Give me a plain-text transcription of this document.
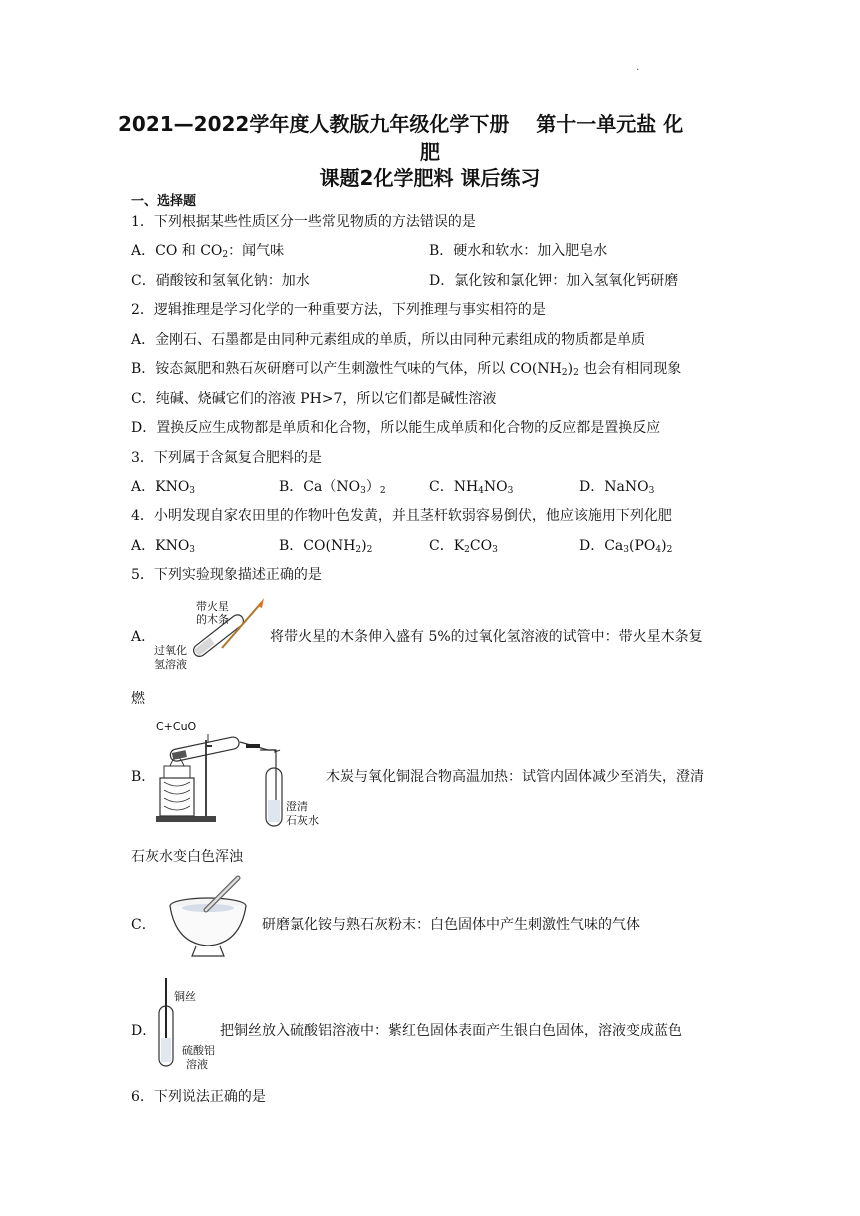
.
2021—2022学年度人教版九年级化学下册　 第十一单元盐 化
肥
课题2化学肥料 课后练习
一、选择题
1．下列根据某些性质区分一些常见物质的方法错误的是
A．CO 和 $CO_2$：闻气味	B．硬水和软水：加入肥皂水
C．硝酸铵和氢氧化钠：加水	D．氯化铵和氯化钾：加入氢氧化钙研磨
2．逻辑推理是学习化学的一种重要方法，下列推理与事实相符的是
A．金刚石、石墨都是由同种元素组成的单质，所以由同种元素组成的物质都是单质
B．铵态氮肥和熟石灰研磨可以产生刺激性气味的气体，所以 $CO(NH_2)_2$ 也会有相同现象
C．纯碱、烧碱它们的溶液 PH>7，所以它们都是碱性溶液
D．置换反应生成物都是单质和化合物，所以能生成单质和化合物的反应都是置换反应
3．下列属于含氮复合肥料的是
A．$KNO_3$	B．$Ca(NO_3)_2$	C．$NH_4NO_3$	D．NaNO$_3$
4．小明发现自家农田里的作物叶色发黄，并且茎杆软弱容易倒伏，他应该施用下列化肥
A．$KNO_3$	B．$CO(NH_2)_2$	C．$K_2CO_3$	D．$Ca_3(PO_4)_2$
5．下列实验现象描述正确的是
A．
带火星
的木条
过氧化
氢溶液
将带火星的木条伸入盛有 5%的过氧化氢溶液的试管中：带火星木条复
燃
B．
C+CuO
澄清
石灰水
木炭与氧化铜混合物高温加热：试管内固体减少至消失，澄清
石灰水变白色浑浊
C．	研磨氯化铵与熟石灰粉末：白色固体中产生刺激性气味的气体
D．
铜丝
硫酸铝
溶液
把铜丝放入硫酸铝溶液中：紫红色固体表面产生银白色固体，溶液变成蓝色
6．下列说法正确的是
